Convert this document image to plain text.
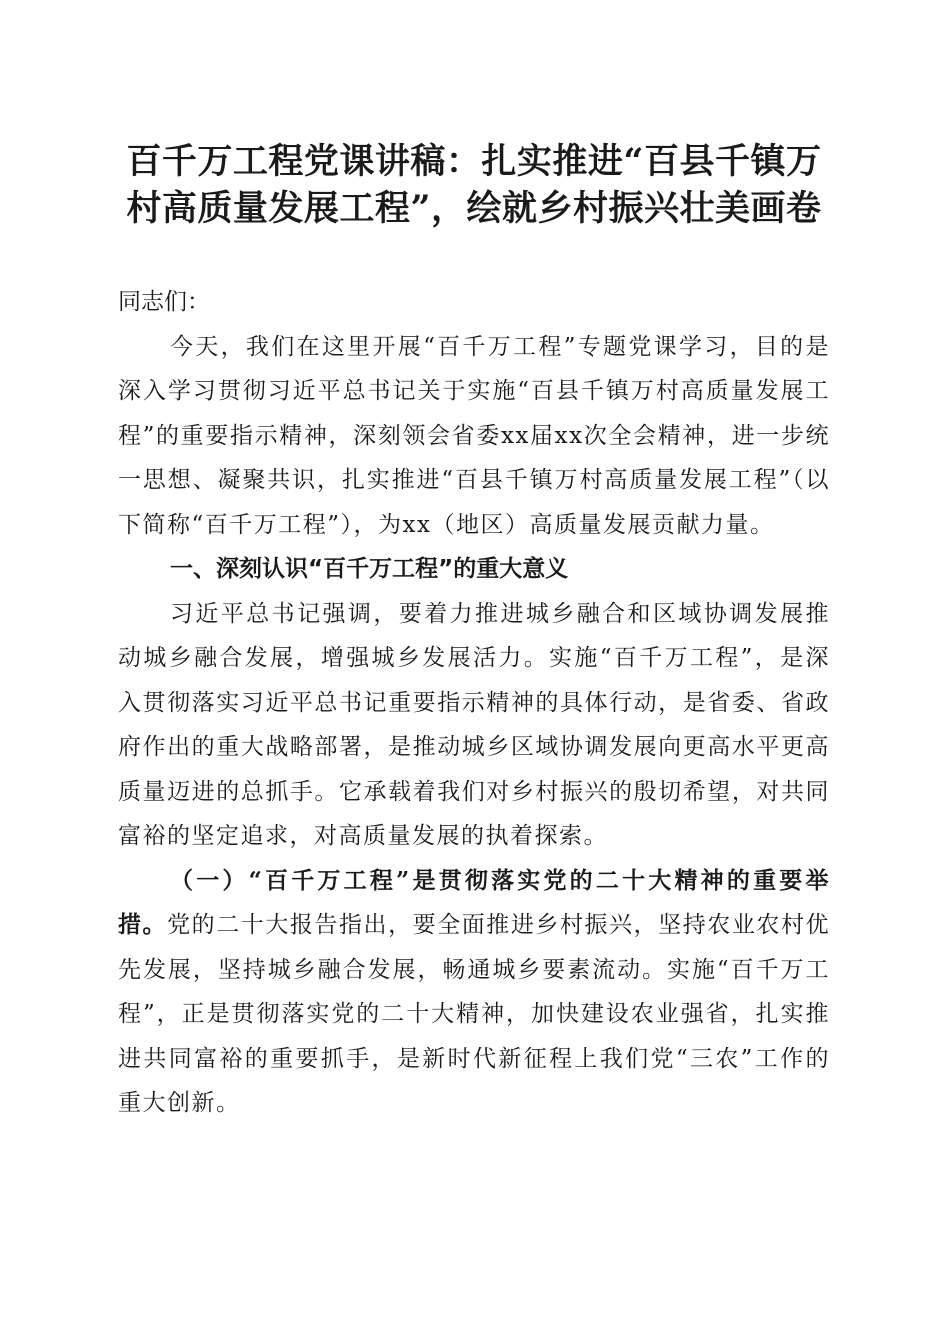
百千万工程党课讲稿：扎实推进“百县千镇万
村高质量发展工程”，绘就乡村振兴壮美画卷

同志们：

今天，我们在这里开展“百千万工程”专题党课学习，目的是深入学习贯彻习近平总书记关于实施“百县千镇万村高质量发展工程”的重要指示精神，深刻领会省委xx届xx次全会精神，进一步统一思想、凝聚共识，扎实推进“百县千镇万村高质量发展工程”（以下简称“百千万工程”），为xx（地区）高质量发展贡献力量。

一、深刻认识“百千万工程”的重大意义

习近平总书记强调，要着力推进城乡融合和区域协调发展推动城乡融合发展，增强城乡发展活力。实施“百千万工程”，是深入贯彻落实习近平总书记重要指示精神的具体行动，是省委、省政府作出的重大战略部署，是推动城乡区域协调发展向更高水平更高质量迈进的总抓手。它承载着我们对乡村振兴的殷切希望，对共同富裕的坚定追求，对高质量发展的执着探索。

（一）“百千万工程”是贯彻落实党的二十大精神的重要举措。党的二十大报告指出，要全面推进乡村振兴，坚持农业农村优先发展，坚持城乡融合发展，畅通城乡要素流动。实施“百千万工程”，正是贯彻落实党的二十大精神，加快建设农业强省，扎实推进共同富裕的重要抓手，是新时代新征程上我们党“三农”工作的重大创新。
